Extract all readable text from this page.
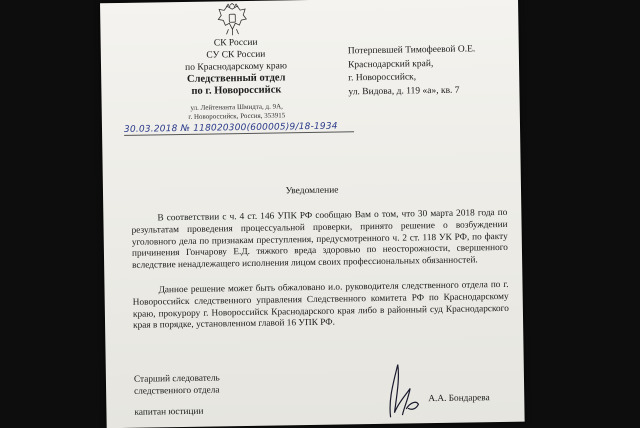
СК России
СУ СК России
по Краснодарскому краю
Следственный отдел
по г. Новороссийск
ул. Лейтенанта Шмидта, д. 9А,
г. Новороссийск, Россия, 353915
30.03.2018 № 118020300(600005)9/18-1934
Потерпевшей Тимофеевой О.Е.
Краснодарский край,
г. Новороссийск,
ул. Видова, д. 119 «а», кв. 7
Уведомление
В соответствии с ч. 4 ст. 146 УПК РФ сообщаю Вам о том, что 30 марта 2018 года по результатам проведения процессуальной проверки, принято решение о возбуждении уголовного дела по признакам преступления, предусмотренного ч. 2 ст. 118 УК РФ, по факту причинения Гончарову Е.Д. тяжкого вреда здоровью по неосторожности, свершенного вследствие ненадлежащего исполнения лицом своих профессиональных обязанностей.
Данное решение может быть обжаловано и.о. руководителя следственного отдела по г. Новороссийск следственного управления Следственного комитета РФ по Краснодарскому краю, прокурору г. Новороссийск Краснодарского края либо в районный суд Краснодарского края в порядке, установленном главой 16 УПК РФ.
Старший следователь
следственного отдела
капитан юстиции
А.А. Бондарева
